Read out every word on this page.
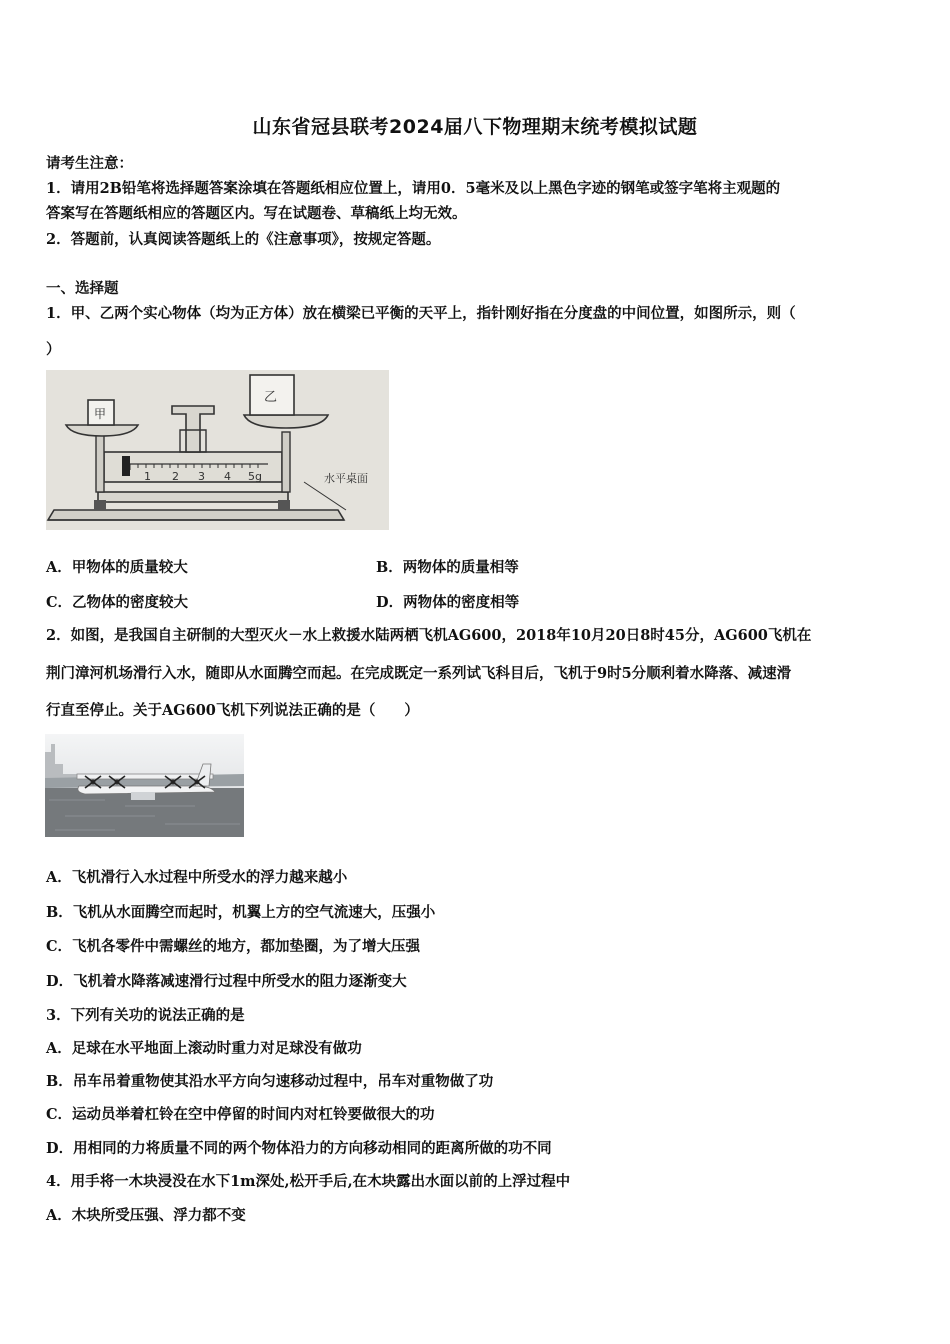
山东省冠县联考2024届八下物理期末统考模拟试题
请考生注意：
1．请用2B铅笔将选择题答案涂填在答题纸相应位置上，请用0．5毫米及以上黑色字迹的钢笔或签字笔将主观题的
答案写在答题纸相应的答题区内。写在试题卷、草稿纸上均无效。
2．答题前，认真阅读答题纸上的《注意事项》，按规定答题。
一、选择题
1．甲、乙两个实心物体（均为正方体）放在横梁已平衡的天平上，指针刚好指在分度盘的中间位置，如图所示，则（
）
1 2 3 4 5g
甲
乙
水平桌面
A．甲物体的质量较大	B．两物体的质量相等
C．乙物体的密度较大	D．两物体的密度相等
2．如图，是我国自主研制的大型灭火－水上救援水陆两栖飞机AG600，2018年10月20日8时45分，AG600飞机在
荆门漳河机场滑行入水，随即从水面腾空而起。在完成既定一系列试飞科目后，飞机于9时5分顺利着水降落、减速滑
行直至停止。关于AG600飞机下列说法正确的是（　　）
A．飞机滑行入水过程中所受水的浮力越来越小
B．飞机从水面腾空而起时，机翼上方的空气流速大，压强小
C．飞机各零件中需螺丝的地方，都加垫圈，为了增大压强
D．飞机着水降落减速滑行过程中所受水的阻力逐渐变大
3．下列有关功的说法正确的是
A．足球在水平地面上滚动时重力对足球没有做功
B．吊车吊着重物使其沿水平方向匀速移动过程中，吊车对重物做了功
C．运动员举着杠铃在空中停留的时间内对杠铃要做很大的功
D．用相同的力将质量不同的两个物体沿力的方向移动相同的距离所做的功不同
4．用手将一木块浸没在水下1m深处,松开手后,在木块露出水面以前的上浮过程中
A．木块所受压强、浮力都不变
